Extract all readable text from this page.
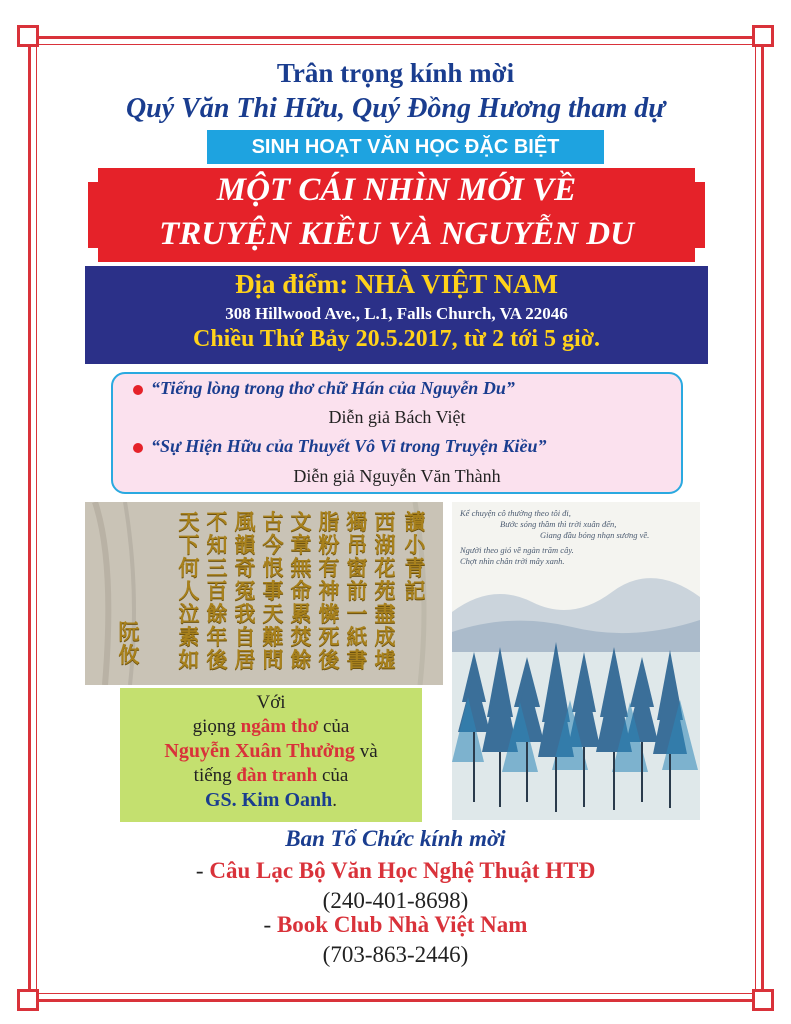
Trân trọng kính mời
Quý Văn Thi Hữu, Quý Đồng Hương tham dự
SINH HOẠT VĂN HỌC ĐẶC BIỆT
MỘT CÁI NHÌN MỚI VỀ
TRUYỆN KIỀU VÀ NGUYỄN DU
Địa điểm: NHÀ VIỆT NAM
308 Hillwood Ave., L.1, Falls Church, VA 22046
Chiều Thứ Bảy 20.5.2017, từ 2 tới 5 giờ.
“Tiếng lòng trong thơ chữ Hán của Nguyễn Du”
Diễn giả Bách Việt
“Sự Hiện Hữu của Thuyết Vô Vi trong Truyện Kiều”
Diễn giả Nguyễn Văn Thành
讀小青記
西湖花苑盡成墟
獨吊窗前一紙書
脂粉有神憐死後
文章無命累焚餘
古今恨事天難問
風韻奇冤我自居
不知三百餘年後
天下何人泣素如
阮攸
Kể chuyện cô thường theo tôi đi,
Bước sóng thầm thì trời xuân đến,
Giang đầu bóng nhạn sương về.
Người theo gió về ngàn trăm cây.
Chợt nhìn chân trời mây xanh.
Với
giọng ngâm thơ của
Nguyễn Xuân Thưởng và
tiếng đàn tranh của
GS. Kim Oanh.
Ban Tổ Chức kính mời
- Câu Lạc Bộ Văn Học Nghệ Thuật HTĐ
(240-401-8698)
- Book Club Nhà Việt Nam
(703-863-2446)
